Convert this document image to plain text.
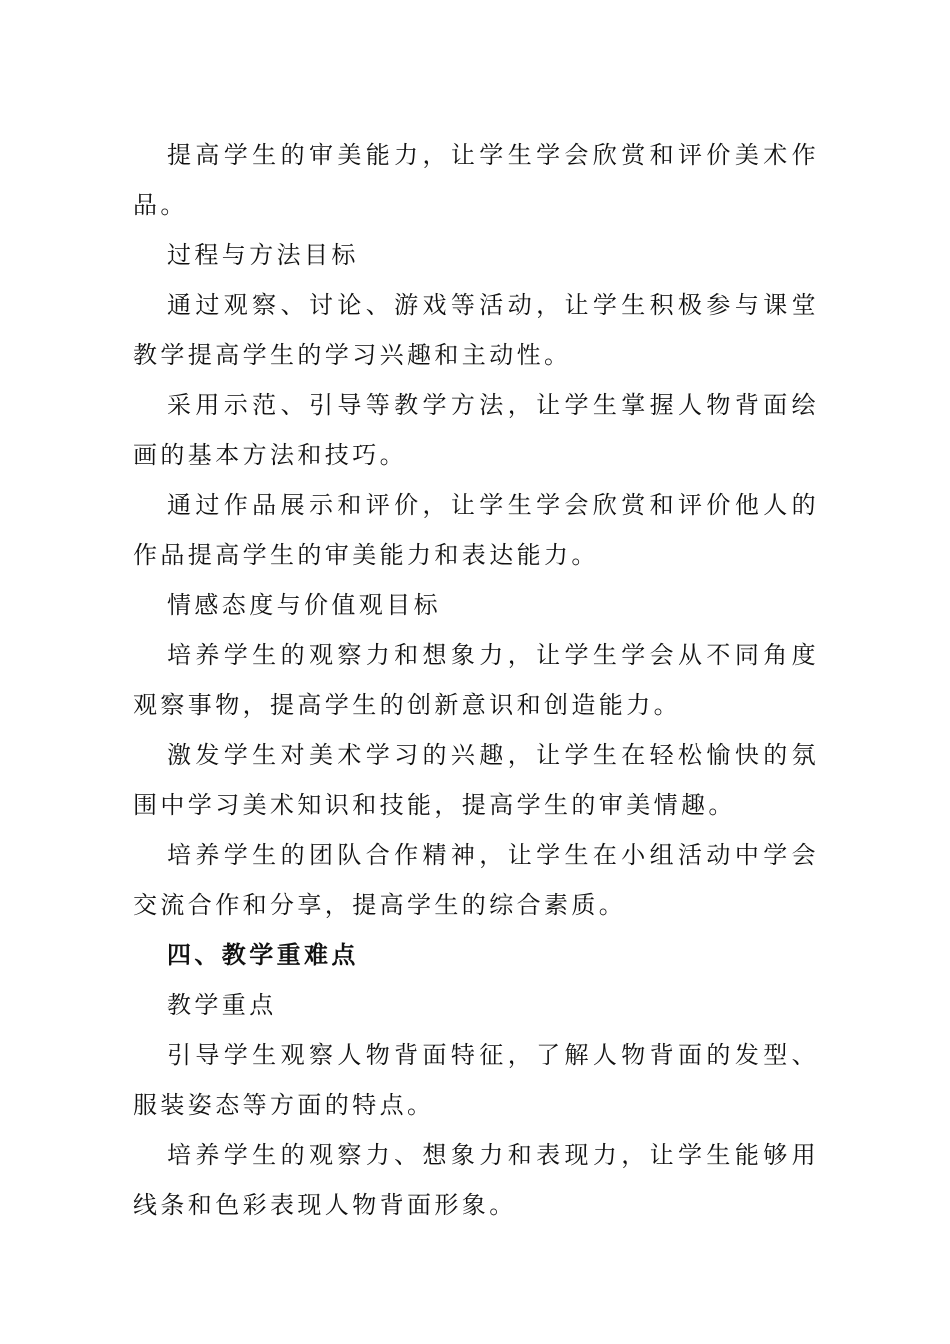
提高学生的审美能力，让学生学会欣赏和评价美术作品。

过程与方法目标

通过观察、讨论、游戏等活动，让学生积极参与课堂教学提高学生的学习兴趣和主动性。

采用示范、引导等教学方法，让学生掌握人物背面绘画的基本方法和技巧。

通过作品展示和评价，让学生学会欣赏和评价他人的作品提高学生的审美能力和表达能力。

情感态度与价值观目标

培养学生的观察力和想象力，让学生学会从不同角度观察事物，提高学生的创新意识和创造能力。

激发学生对美术学习的兴趣，让学生在轻松愉快的氛围中学习美术知识和技能，提高学生的审美情趣。

培养学生的团队合作精神，让学生在小组活动中学会交流合作和分享，提高学生的综合素质。

四、教学重难点

教学重点

引导学生观察人物背面特征，了解人物背面的发型、服装姿态等方面的特点。

培养学生的观察力、想象力和表现力，让学生能够用线条和色彩表现人物背面形象。
